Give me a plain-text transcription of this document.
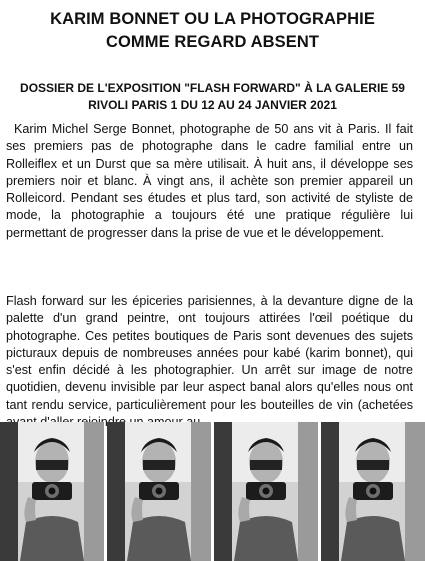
KARIM BONNET OU LA PHOTOGRAPHIE
COMME REGARD ABSENT
DOSSIER DE L'EXPOSITION "FLASH FORWARD" À LA GALERIE 59
RIVOLI PARIS 1 DU 12 AU 24 JANVIER 2021

Karim Michel Serge Bonnet, photographe de 50 ans vit à Paris. Il fait ses premiers pas de photographe dans le cadre familial entre un Rolleiflex et un Durst que sa mère utilisait. À huit ans, il développe ses premiers noir et blanc. À vingt ans, il achète son premier appareil un Rolleicord. Pendant ses études et plus tard, son activité de styliste de mode, la photographie a toujours été une pratique régulière lui permettant de progresser dans la prise de vue et le développement.

Flash forward sur les épiceries parisiennes, à la devanture digne de la palette d'un grand peintre, ont toujours attirées l'œil poétique du photographe. Ces petites boutiques de Paris sont devenues des sujets picturaux depuis de nombreuses années pour kabé (karim bonnet), qui s'est enfin décidé à les photographier. Un arrêt sur image de notre quotidien, devenu invisible par leur aspect banal alors qu'elles nous ont tant rendu service, particulièrement pour les bouteilles de vin (achetées
